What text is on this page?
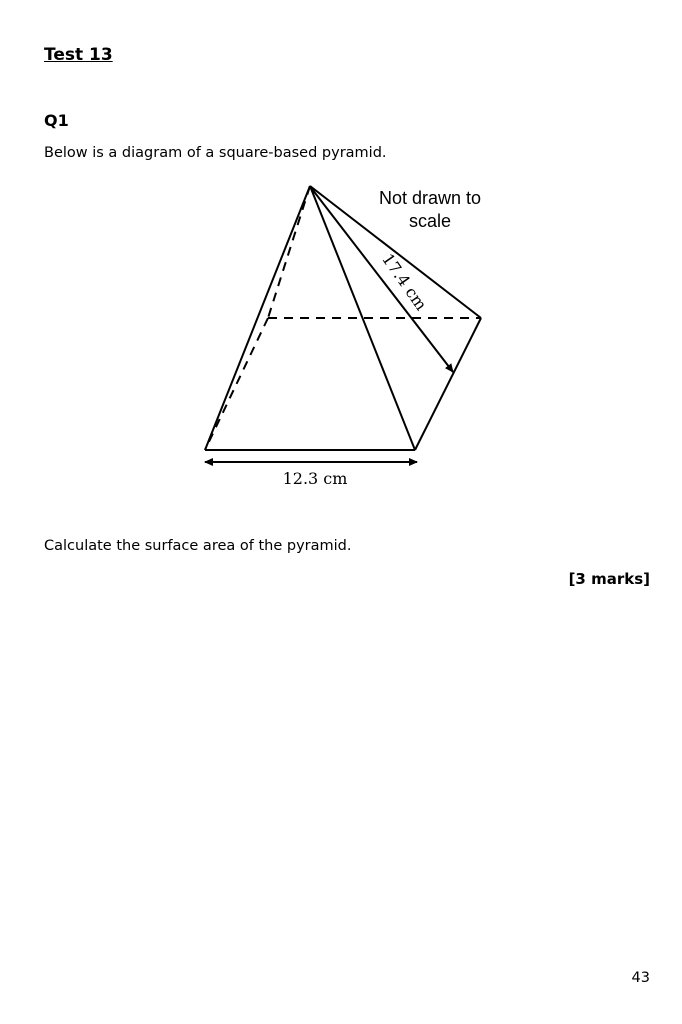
Test 13
Q1
Below is a diagram of a square-based pyramid.
Not drawn to
scale
17.4 cm
12.3 cm
Calculate the surface area of the pyramid.
[3 marks]
43
